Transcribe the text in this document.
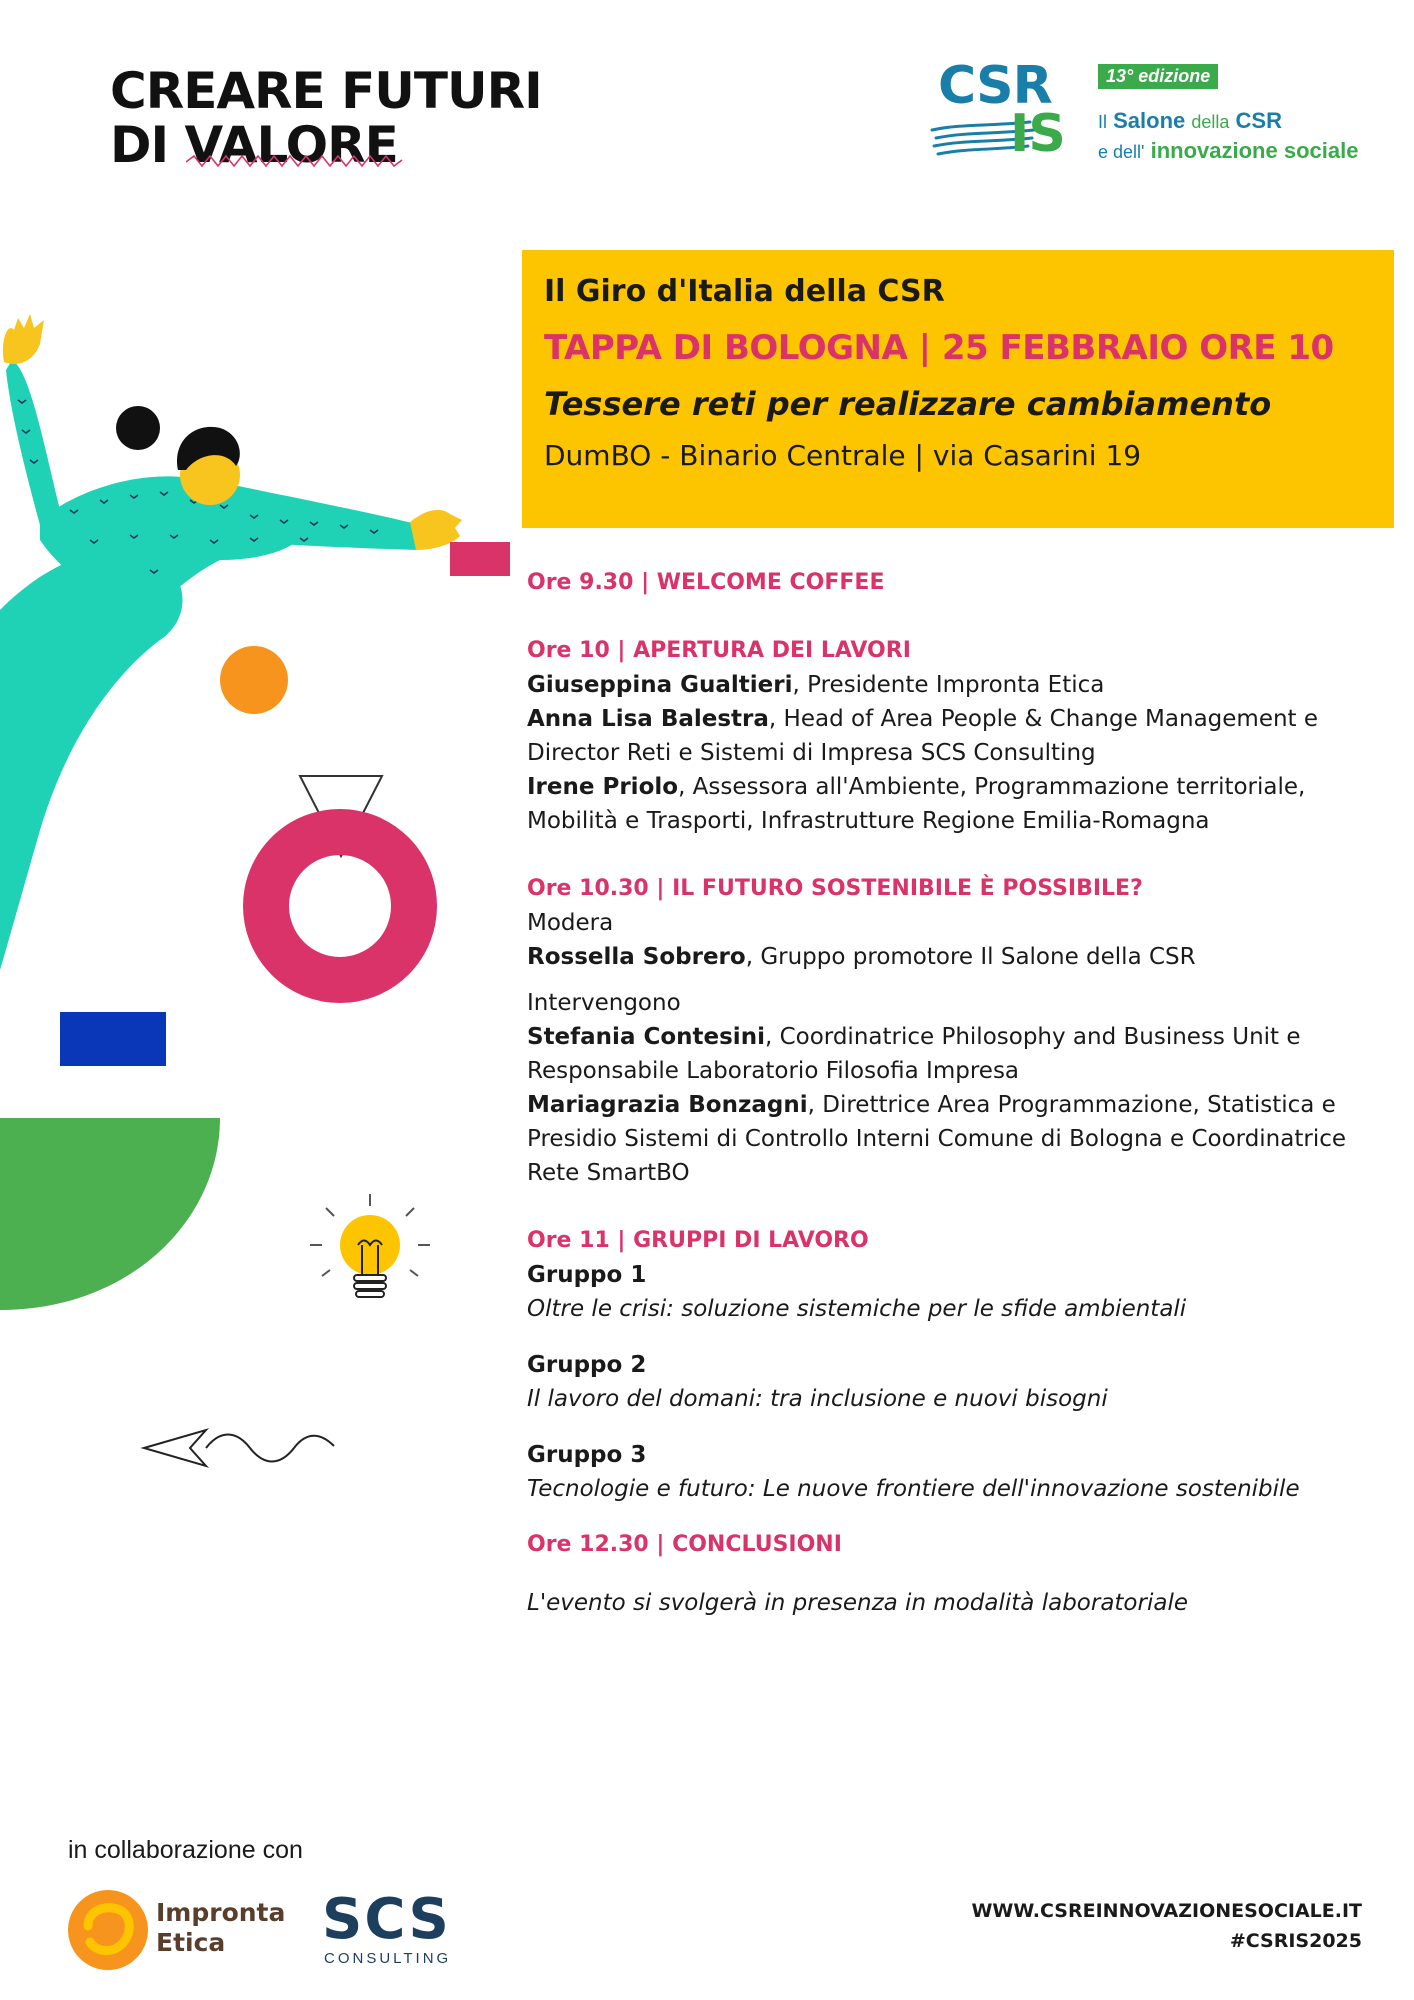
CREARE FUTURI
DI VALORE
CSR
IS
13° edizione
Il Salone della CSR
e dell' innovazione sociale
Il Giro d'Italia della CSR
TAPPA DI BOLOGNA | 25 FEBBRAIO ORE 10
Tessere reti per realizzare cambiamento
DumBO - Binario Centrale | via Casarini 19
Ore 9.30 | WELCOME COFFEE
Ore 10 | APERTURA DEI LAVORI
Giuseppina Gualtieri, Presidente Impronta Etica
Anna Lisa Balestra, Head of Area People & Change Management e Director Reti e Sistemi di Impresa SCS Consulting
Irene Priolo, Assessora all'Ambiente, Programmazione territoriale, Mobilità e Trasporti, Infrastrutture Regione Emilia-Romagna
Ore 10.30 | IL FUTURO SOSTENIBILE È POSSIBILE?
Modera
Rossella Sobrero, Gruppo promotore Il Salone della CSR
Intervengono
Stefania Contesini, Coordinatrice Philosophy and Business Unit e Responsabile Laboratorio Filosofia Impresa
Mariagrazia Bonzagni, Direttrice Area Programmazione, Statistica e Presidio Sistemi di Controllo Interni Comune di Bologna e Coordinatrice Rete SmartBO
Ore 11 | GRUPPI DI LAVORO
Gruppo 1
Oltre le crisi: soluzione sistemiche per le sfide ambientali
Gruppo 2
Il lavoro del domani: tra inclusione e nuovi bisogni
Gruppo 3
Tecnologie e futuro: Le nuove frontiere dell'innovazione sostenibile
Ore 12.30 | CONCLUSIONI
L'evento si svolgerà in presenza in modalità laboratoriale
in collaborazione con
Impronta
Etica	SCS
CONSULTING
WWW.CSREINNOVAZIONESOCIALE.IT
#CSRIS2025
